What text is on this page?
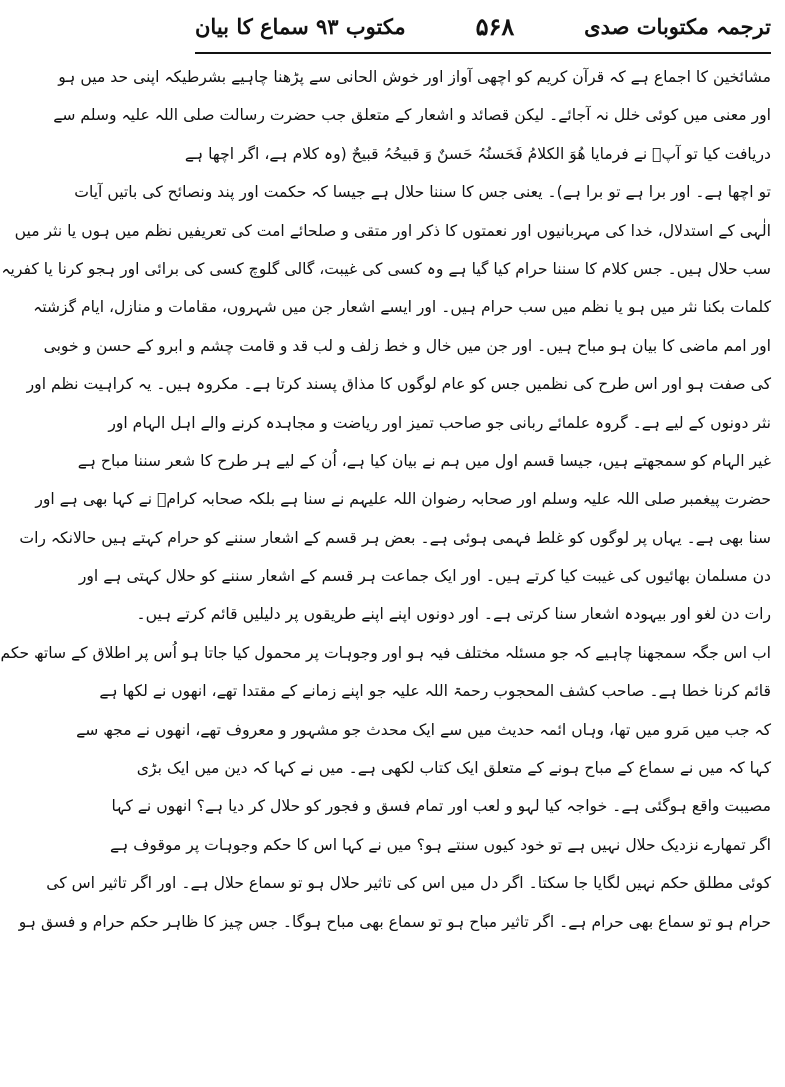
ترجمہ مکتوبات صدی
۵۶۸
مکتوب ۹۳ سماع کا بیان
مشائخین کا اجماع ہے کہ قرآن کریم کو اچھی آواز اور خوش الحانی سے پڑھنا چاہیے بشرطیکہ اپنی حد میں ہو
اور معنی میں کوئی خلل نہ آجائے۔ لیکن قصائد و اشعار کے متعلق جب حضرت رسالت صلی اللہ علیہ وسلم سے
دریافت کیا تو آپؐ نے فرمایا ھُوَ الکلامُ فَحَسنُہُ حَسنٌ وَ قبیحُہُ قبیحٌ (وہ کلام ہے، اگر اچھا ہے
تو اچھا ہے۔ اور برا ہے تو برا ہے)۔ یعنی جس کا سننا حلال ہے جیسا کہ حکمت اور پند ونصائح کی باتیں آیات
الٰہی کے استدلال، خدا کی مہربانیوں اور نعمتوں کا ذکر اور متقی و صلحائے امت کی تعریفیں نظم میں ہوں یا نثر میں
سب حلال ہیں۔ جس کلام کا سننا حرام کیا گیا ہے وہ کسی کی غیبت، گالی گلوچ کسی کی برائی اور ہجو کرنا یا کفریہ
کلمات بکنا نثر میں ہو یا نظم میں سب حرام ہیں۔ اور ایسے اشعار جن میں شہروں، مقامات و منازل، ایام گزشتہ
اور امم ماضی کا بیان ہو مباح ہیں۔ اور جن میں خال و خط زلف و لب قد و قامت چشم و ابرو کے حسن و خوبی
کی صفت ہو اور اس طرح کی نظمیں جس کو عام لوگوں کا مذاق پسند کرتا ہے۔ مکروہ ہیں۔ یہ کراہیت نظم اور
نثر دونوں کے لیے ہے۔ گروہ علمائے ربانی جو صاحب تمیز اور ریاضت و مجاہدہ کرنے والے اہل الہام اور
غیر الہام کو سمجھتے ہیں، جیسا قسم اول میں ہم نے بیان کیا ہے، اُن کے لیے ہر طرح کا شعر سننا مباح ہے
حضرت پیغمبر صلی اللہ علیہ وسلم اور صحابہ رضوان اللہ علیہم نے سنا ہے بلکہ صحابہ کرامؓ نے کہا بھی ہے اور
سنا بھی ہے۔ یہاں پر لوگوں کو غلط فہمی ہوئی ہے۔ بعض ہر قسم کے اشعار سننے کو حرام کہتے ہیں حالانکہ رات
دن مسلمان بھائیوں کی غیبت کیا کرتے ہیں۔ اور ایک جماعت ہر قسم کے اشعار سننے کو حلال کہتی ہے اور
رات دن لغو اور بیہودہ اشعار سنا کرتی ہے۔ اور دونوں اپنے اپنے طریقوں پر دلیلیں قائم کرتے ہیں۔
اب اس جگہ سمجھنا چاہیے کہ جو مسئلہ مختلف فیہ ہو اور وجوہات پر محمول کیا جاتا ہو اُس پر اطلاق کے ساتھ حکم
قائم کرنا خطا ہے۔ صاحب کشف المحجوب رحمۃ اللہ علیہ جو اپنے زمانے کے مقتدا تھے، انھوں نے لکھا ہے
کہ جب میں مَرو میں تھا، وہاں ائمہ حدیث میں سے ایک محدث جو مشہور و معروف تھے، انھوں نے مجھ سے
کہا کہ میں نے سماع کے مباح ہونے کے متعلق ایک کتاب لکھی ہے۔ میں نے کہا کہ دین میں ایک بڑی
مصیبت واقع ہوگئی ہے۔ خواجہ کیا لہو و لعب اور تمام فسق و فجور کو حلال کر دیا ہے؟ انھوں نے کہا
اگر تمھارے نزدیک حلال نہیں ہے تو خود کیوں سنتے ہو؟ میں نے کہا اس کا حکم وجوہات پر موقوف ہے
کوئی مطلق حکم نہیں لگایا جا سکتا۔ اگر دل میں اس کی تاثیر حلال ہو تو سماع حلال ہے۔ اور اگر تاثیر اس کی
حرام ہو تو سماع بھی حرام ہے۔ اگر تاثیر مباح ہو تو سماع بھی مباح ہوگا۔ جس چیز کا ظاہر حکم حرام و فسق ہو
